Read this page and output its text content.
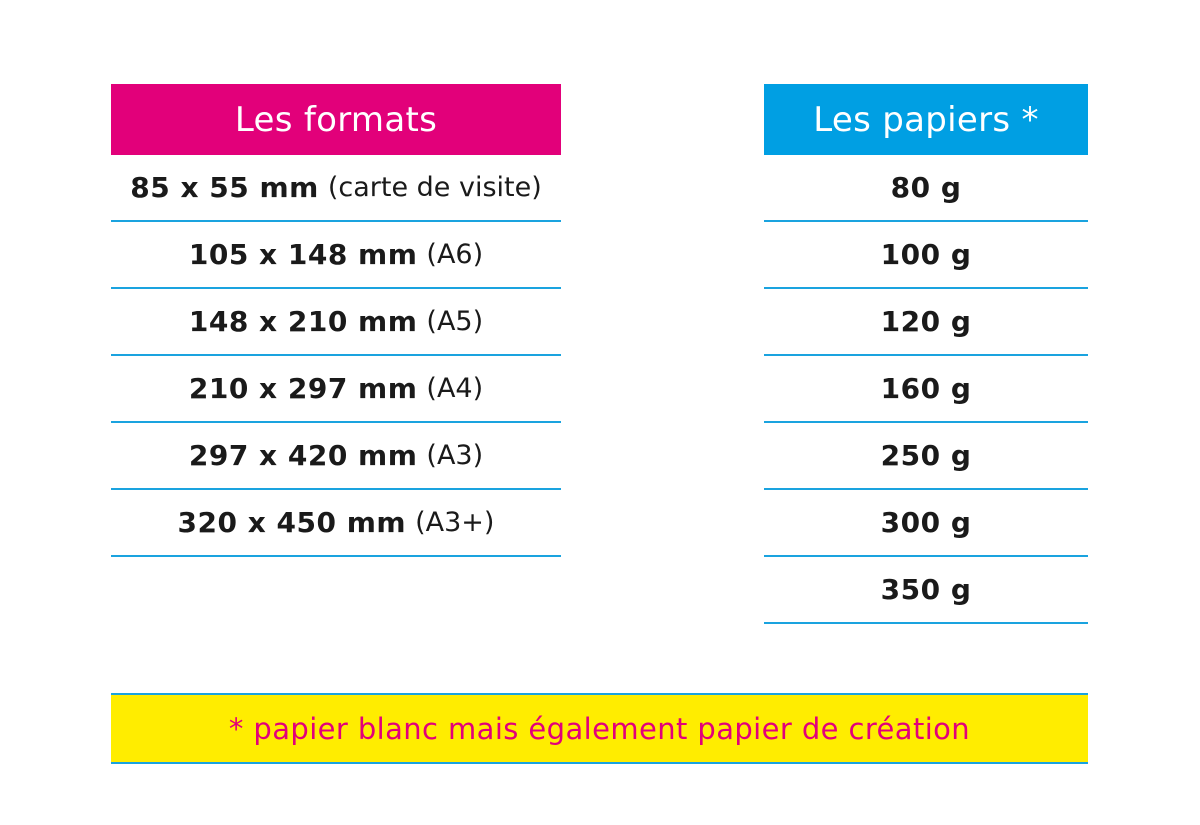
Les formats
85 x 55 mm (carte de visite)
105 x 148 mm (A6)
148 x 210 mm (A5)
210 x 297 mm (A4)
297 x 420 mm (A3)
320 x 450 mm (A3+)
Les papiers *
80 g
100 g
120 g
160 g
250 g
300 g
350 g
* papier blanc mais également papier de création
